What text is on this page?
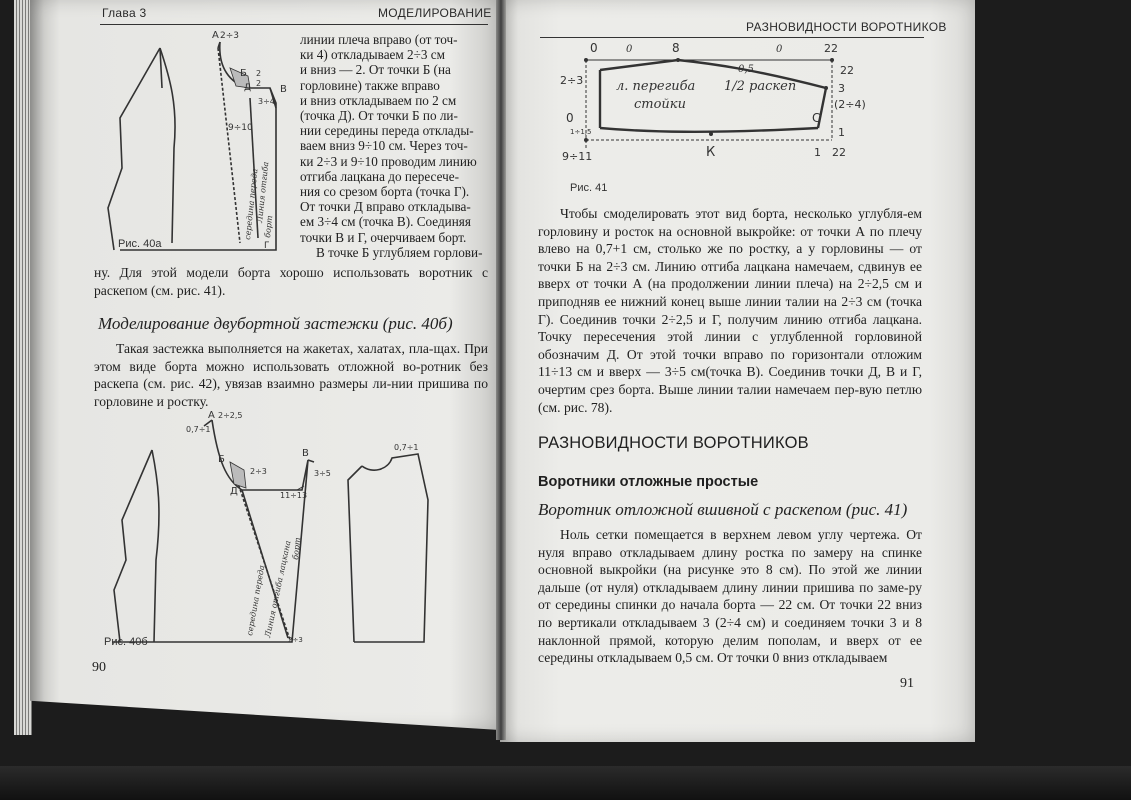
Глава 3	МОДЕЛИРОВАНИЕ
А 2÷3
Б
Д
2
2
3÷4
В
9÷10
середина переда
Линия отгиба
борт
Г
Рис. 40а
линии плеча вправо (от точ-
ки 4) откладываем 2÷3 см
и вниз — 2. От точки Б (на
горловине) также вправо
и вниз откладываем по 2 см
(точка Д). От точки Б по ли-
нии середины переда отклады-
ваем вниз 9÷10 см. Через точ-
ки 2÷3 и 9÷10 проводим линию
отгиба лацкана до пересече-
ния со срезом борта (точка Г).
От точки Д вправо откладыва-
ем 3÷4 см (точка В). Соединяя
точки В и Г, очерчиваем борт.
В точке Б углубляем горлови-

ну. Для этой модели борта хорошо использовать воротник с раскепом (см. рис. 41).

Моделирование двубортной застежки (рис. 40б)

Такая застежка выполняется на жакетах, халатах, пла-щах. При этом виде борта можно использовать отложной во-ротник без раскепа (см. рис. 42), увязав взаимно размеры ли-нии пришива по горловине и ростку.

А
0,7÷1
2÷2,5
Б
Д
2÷3
В
3÷5
11÷13
середина переда
Линия отгиба лацкана
борт
0,7÷1
2÷3
Рис. 40б
90
РАЗНОВИДНОСТИ ВОРОТНИКОВ
0	0	8	0	22
0,5	22
2÷3	л. перегиба
стойки
1/2 раскеп	3
(2÷4)
0
1÷1,5
С
1
9÷11	К	1 22
Рис. 41

Чтобы смоделировать этот вид борта, несколько углубля-ем горловину и росток на основной выкройке: от точки А по плечу влево на 0,7+1 см, столько же по ростку, а у горловины — от точки Б на 2÷3 см. Линию отгиба лацкана намечаем, сдвинув ее вверх от точки А (на продолжении линии плеча) на 2÷2,5 см и приподняв ее нижний конец выше линии талии на 2÷3 см (точка Г). Соединив точки 2÷2,5 и Г, получим линию отгиба лацкана. Точку пересечения этой линии с углубленной горловиной обозначим Д. От этой точки вправо по горизонтали отложим 11÷13 см и вверх — 3÷5 см(точка В). Соединив точки Д, В и Г, очертим срез борта. Выше линии талии намечаем пер-вую петлю (см. рис. 78).

РАЗНОВИДНОСТИ ВОРОТНИКОВ
Воротники отложные простые
Воротник отложной вшивной с раскепом (рис. 41)

Ноль сетки помещается в верхнем левом углу чертежа. От нуля вправо откладываем длину ростка по замеру на спинке основной выкройки (на рисунке это 8 см). По этой же линии дальше (от нуля) откладываем длину линии пришива по заме-ру от середины спинки до начала борта — 22 см. От точки 22 вниз по вертикали откладываем 3 (2÷4 см) и соединяем точки 3 и 8 наклонной прямой, которую делим пополам, и вверх от ее середины откладываем 0,5 см. От точки 0 вниз откладываем

91
